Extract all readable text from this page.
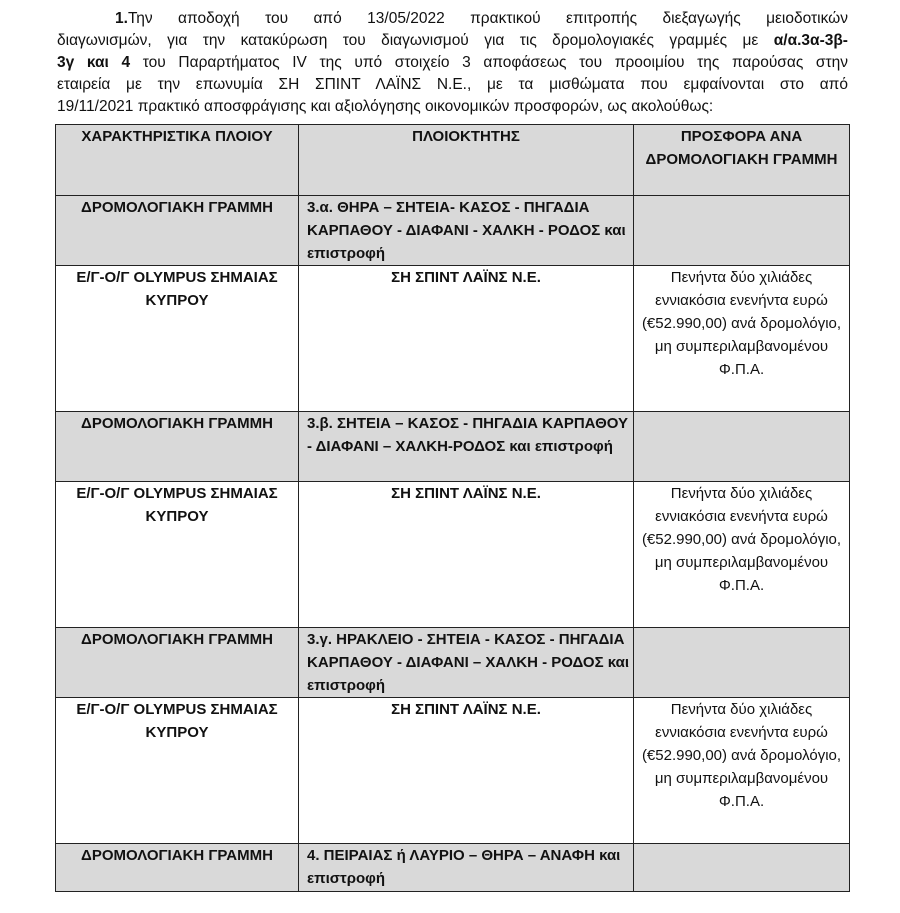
1.Την αποδοχή του από 13/05/2022 πρακτικού επιτροπής διεξαγωγής μειοδοτικών
διαγωνισμών, για την κατακύρωση του διαγωνισμού για τις δρομολογιακές γραμμές με α/α.3α-3β-
3γ και 4 του Παραρτήματος IV της υπό στοιχείο 3 αποφάσεως του προοιμίου της παρούσας στην
εταιρεία με την επωνυμία ΣΗ ΣΠΙΝΤ ΛΑΪΝΣ Ν.Ε., με τα μισθώματα που εμφαίνονται στο από
19/11/2021 πρακτικό αποσφράγισης και αξιολόγησης οικονομικών προσφορών, ως ακολούθως:
ΧΑΡΑΚΤΗΡΙΣΤΙΚΑ ΠΛΟΙΟΥ	ΠΛΟΙΟΚΤΗΤΗΣ	ΠΡΟΣΦΟΡΑ ΑΝΑ ΔΡΟΜΟΛΟΓΙΑΚΗ ΓΡΑΜΜΗ
ΔΡΟΜΟΛΟΓΙΑΚΗ ΓΡΑΜΜΗ	3.α. ΘΗΡΑ – ΣΗΤΕΙΑ- ΚΑΣΟΣ - ΠΗΓΑΔΙΑ ΚΑΡΠΑΘΟΥ - ΔΙΑΦΑΝΙ - ΧΑΛΚΗ - ΡΟΔΟΣ και επιστροφή	
Ε/Γ-Ο/Γ OLYMPUS ΣΗΜΑΙΑΣ ΚΥΠΡΟΥ	ΣΗ ΣΠΙΝΤ ΛΑΪΝΣ Ν.Ε.	Πενήντα δύο χιλιάδες εννιακόσια ενενήντα ευρώ (€52.990,00) ανά δρομολόγιο, μη συμπεριλαμβανομένου Φ.Π.Α.
ΔΡΟΜΟΛΟΓΙΑΚΗ ΓΡΑΜΜΗ	3.β. ΣΗΤΕΙΑ – ΚΑΣΟΣ - ΠΗΓΑΔΙΑ ΚΑΡΠΑΘΟΥ - ΔΙΑΦΑΝΙ – ΧΑΛΚΗ-ΡΟΔΟΣ και επιστροφή	
Ε/Γ-Ο/Γ OLYMPUS ΣΗΜΑΙΑΣ ΚΥΠΡΟΥ	ΣΗ ΣΠΙΝΤ ΛΑΪΝΣ Ν.Ε.	Πενήντα δύο χιλιάδες εννιακόσια ενενήντα ευρώ (€52.990,00) ανά δρομολόγιο, μη συμπεριλαμβανομένου Φ.Π.Α.
ΔΡΟΜΟΛΟΓΙΑΚΗ ΓΡΑΜΜΗ	3.γ. ΗΡΑΚΛΕΙΟ - ΣΗΤΕΙΑ - ΚΑΣΟΣ - ΠΗΓΑΔΙΑ ΚΑΡΠΑΘΟΥ - ΔΙΑΦΑΝΙ – ΧΑΛΚΗ - ΡΟΔΟΣ και επιστροφή	
Ε/Γ-Ο/Γ OLYMPUS ΣΗΜΑΙΑΣ ΚΥΠΡΟΥ	ΣΗ ΣΠΙΝΤ ΛΑΪΝΣ Ν.Ε.	Πενήντα δύο χιλιάδες εννιακόσια ενενήντα ευρώ (€52.990,00) ανά δρομολόγιο, μη συμπεριλαμβανομένου Φ.Π.Α.
ΔΡΟΜΟΛΟΓΙΑΚΗ ΓΡΑΜΜΗ	4. ΠΕΙΡΑΙΑΣ ή ΛΑΥΡΙΟ – ΘΗΡΑ – ΑΝΑΦΗ και επιστροφή	
